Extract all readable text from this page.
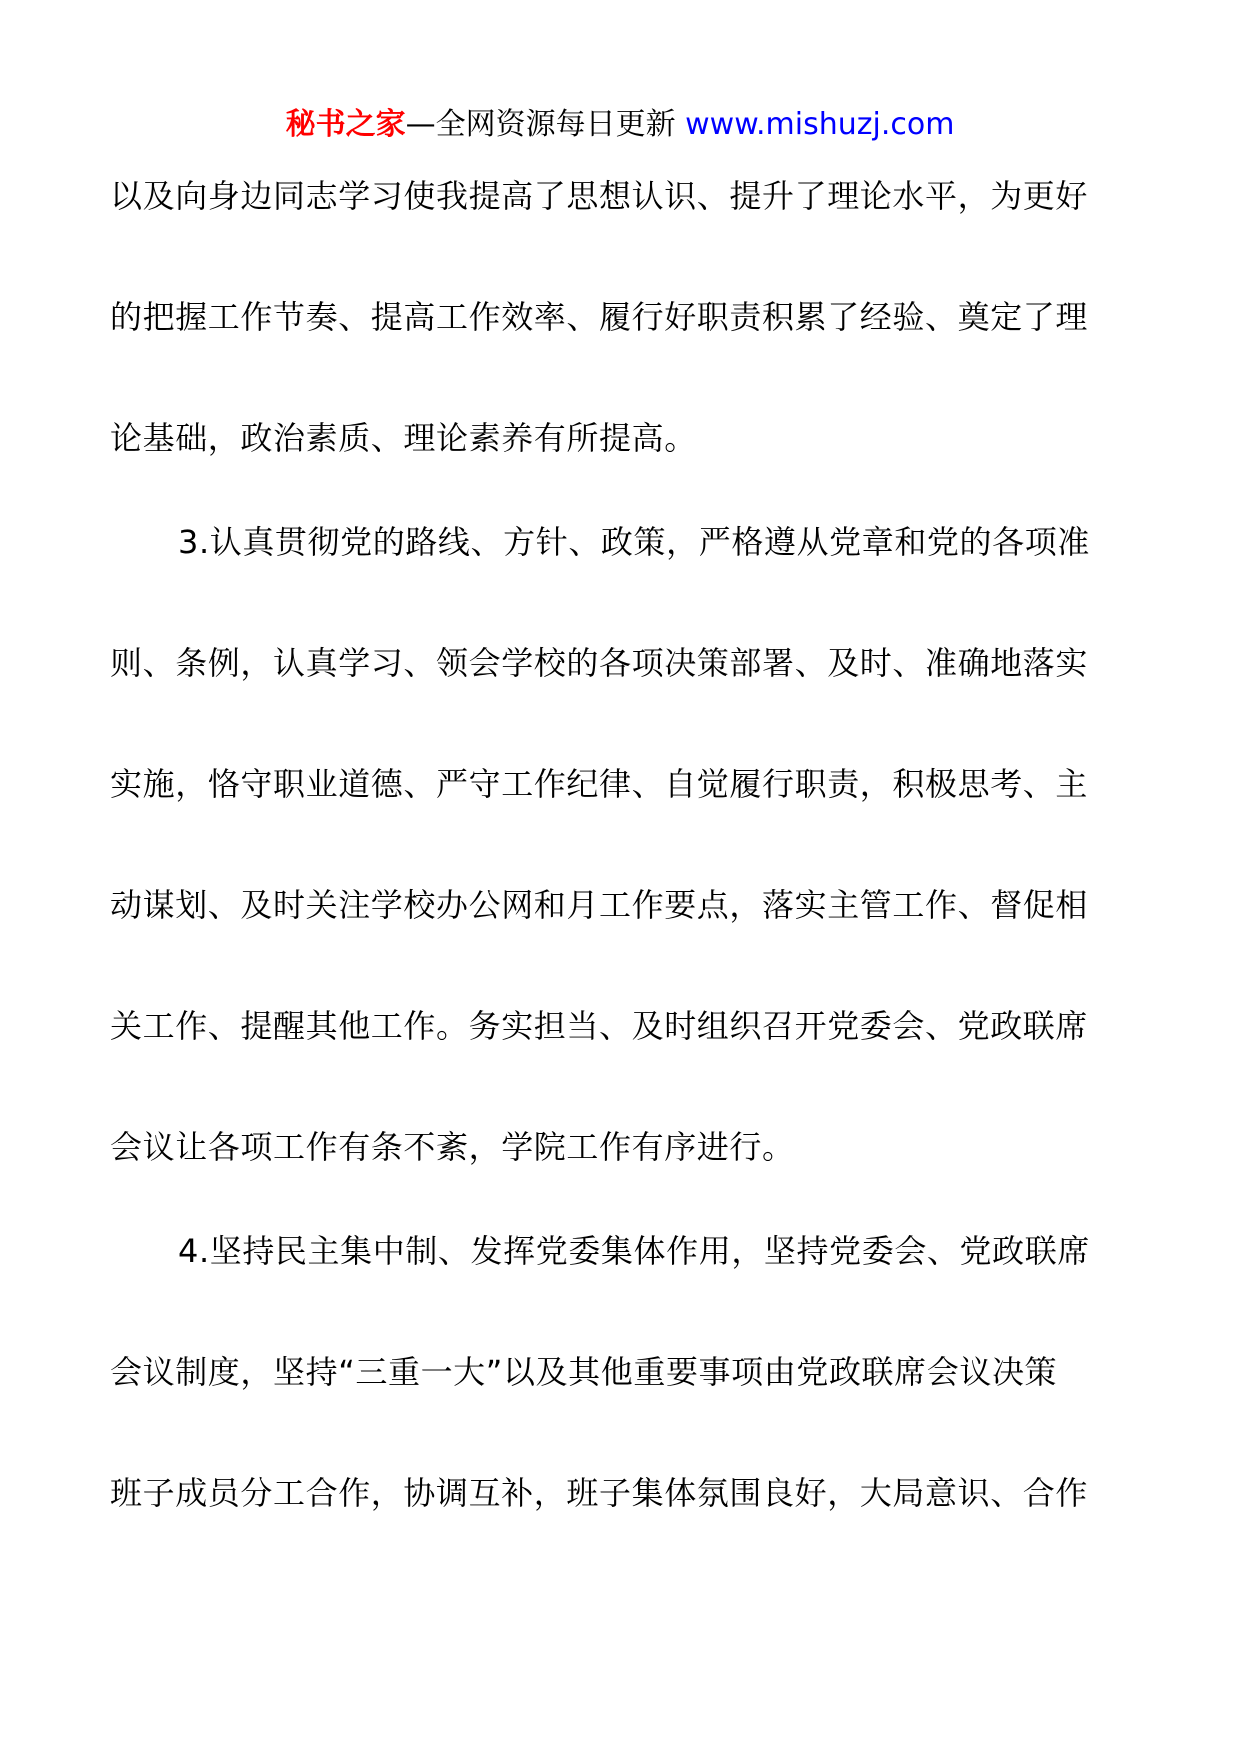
秘书之家—全网资源每日更新 www.mishuzj.com
以及向身边同志学习使我提高了思想认识、提升了理论水平，为更好
的把握工作节奏、提高工作效率、履行好职责积累了经验、奠定了理
论基础，政治素质、理论素养有所提高。
3.认真贯彻党的路线、方针、政策，严格遵从党章和党的各项准
则、条例，认真学习、领会学校的各项决策部署、及时、准确地落实
实施，恪守职业道德、严守工作纪律、自觉履行职责，积极思考、主
动谋划、及时关注学校办公网和月工作要点，落实主管工作、督促相
关工作、提醒其他工作。务实担当、及时组织召开党委会、党政联席
会议让各项工作有条不紊，学院工作有序进行。
4.坚持民主集中制、发挥党委集体作用，坚持党委会、党政联席
会议制度，坚持“三重一大”以及其他重要事项由党政联席会议决策
班子成员分工合作，协调互补，班子集体氛围良好，大局意识、合作
